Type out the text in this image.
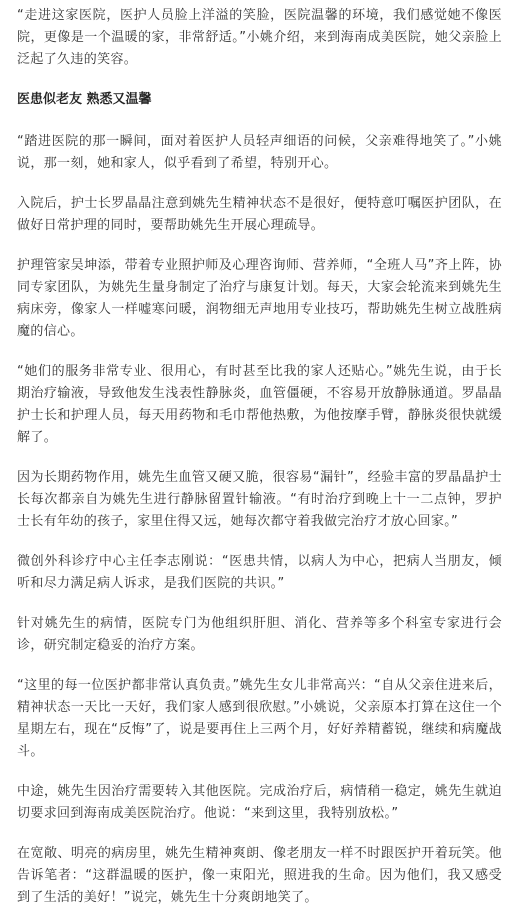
“走进这家医院，医护人员脸上洋溢的笑脸，医院温馨的环境，我们感觉她不像医院，更像是一个温暖的家，非常舒适。”小姚介绍，来到海南成美医院，她父亲脸上泛起了久违的笑容。

医患似老友 熟悉又温馨

“踏进医院的那一瞬间，面对着医护人员轻声细语的问候，父亲难得地笑了。”小姚说，那一刻，她和家人，似乎看到了希望，特别开心。

入院后，护士长罗晶晶注意到姚先生精神状态不是很好，便特意叮嘱医护团队，在做好日常护理的同时，要帮助姚先生开展心理疏导。

护理管家吴坤添，带着专业照护师及心理咨询师、营养师，“全班人马”齐上阵，协同专家团队，为姚先生量身制定了治疗与康复计划。每天，大家会轮流来到姚先生病床旁，像家人一样嘘寒问暖，润物细无声地用专业技巧，帮助姚先生树立战胜病魔的信心。

“她们的服务非常专业、很用心，有时甚至比我的家人还贴心。”姚先生说，由于长期治疗输液，导致他发生浅表性静脉炎，血管僵硬，不容易开放静脉通道。罗晶晶护士长和护理人员，每天用药物和毛巾帮他热敷，为他按摩手臂，静脉炎很快就缓解了。

因为长期药物作用，姚先生血管又硬又脆，很容易“漏针”，经验丰富的罗晶晶护士长每次都亲自为姚先生进行静脉留置针输液。“有时治疗到晚上十一二点钟，罗护士长有年幼的孩子，家里住得又远，她每次都守着我做完治疗才放心回家。”

微创外科诊疗中心主任李志刚说：“医患共情，以病人为中心，把病人当朋友，倾听和尽力满足病人诉求，是我们医院的共识。”

针对姚先生的病情，医院专门为他组织肝胆、消化、营养等多个科室专家进行会诊，研究制定稳妥的治疗方案。

“这里的每一位医护都非常认真负责。”姚先生女儿非常高兴：“自从父亲住进来后，精神状态一天比一天好，我们家人感到很欣慰。”小姚说，父亲原本打算在这住一个星期左右，现在“反悔”了，说是要再住上三两个月，好好养精蓄锐，继续和病魔战斗。

中途，姚先生因治疗需要转入其他医院。完成治疗后，病情稍一稳定，姚先生就迫切要求回到海南成美医院治疗。他说：“来到这里，我特别放松。”

在宽敞、明亮的病房里，姚先生精神爽朗、像老朋友一样不时跟医护开着玩笑。他告诉笔者：“这群温暖的医护，像一束阳光，照进我的生命。因为他们，我又感受到了生活的美好！”说完，姚先生十分爽朗地笑了。
